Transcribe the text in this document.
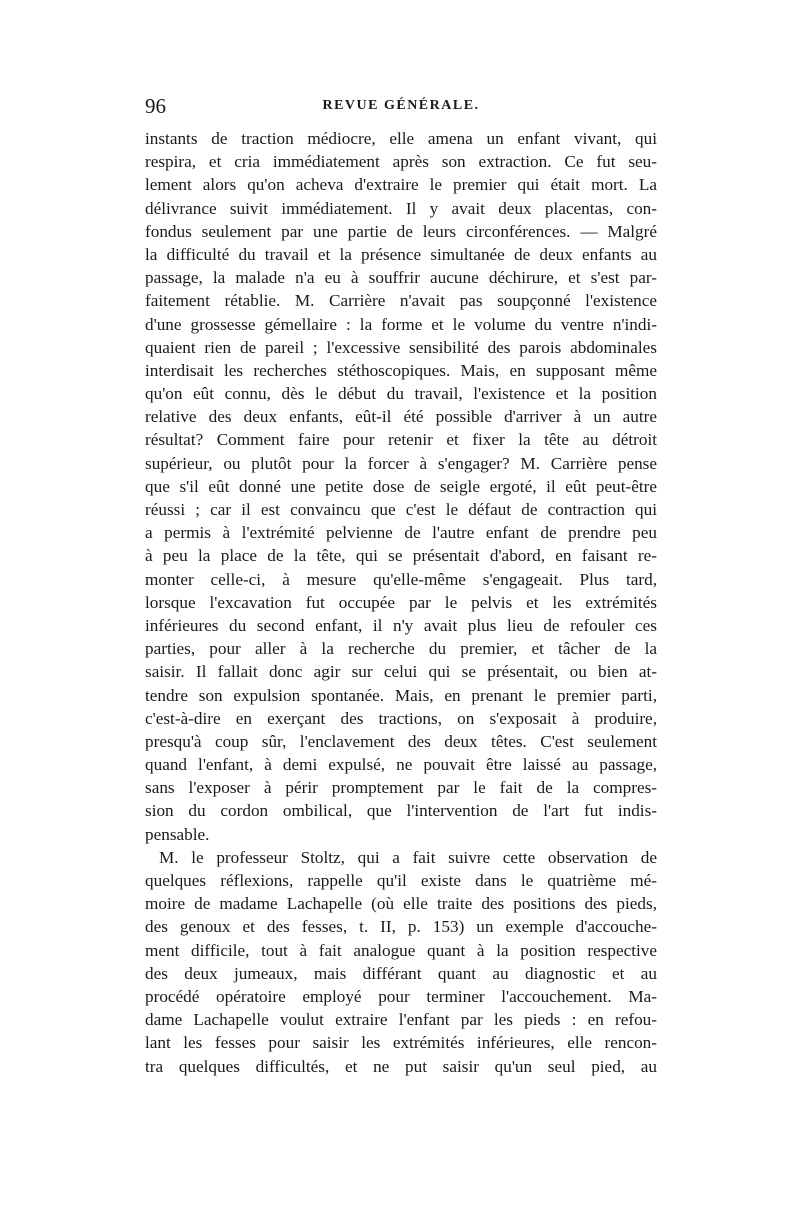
96	REVUE GÉNÉRALE.
instants de traction médiocre, elle amena un enfant vivant, qui
respira, et cria immédiatement après son extraction. Ce fut seu-
lement alors qu'on acheva d'extraire le premier qui était mort. La
délivrance suivit immédiatement. Il y avait deux placentas, con-
fondus seulement par une partie de leurs circonférences. — Malgré
la difficulté du travail et la présence simultanée de deux enfants au
passage, la malade n'a eu à souffrir aucune déchirure, et s'est par-
faitement rétablie. M. Carrière n'avait pas soupçonné l'existence
d'une grossesse gémellaire : la forme et le volume du ventre n'indi-
quaient rien de pareil ; l'excessive sensibilité des parois abdominales
interdisait les recherches stéthoscopiques. Mais, en supposant même
qu'on eût connu, dès le début du travail, l'existence et la position
relative des deux enfants, eût-il été possible d'arriver à un autre
résultat? Comment faire pour retenir et fixer la tête au détroit
supérieur, ou plutôt pour la forcer à s'engager? M. Carrière pense
que s'il eût donné une petite dose de seigle ergoté, il eût peut-être
réussi ; car il est convaincu que c'est le défaut de contraction qui
a permis à l'extrémité pelvienne de l'autre enfant de prendre peu
à peu la place de la tête, qui se présentait d'abord, en faisant re-
monter celle-ci, à mesure qu'elle-même s'engageait. Plus tard,
lorsque l'excavation fut occupée par le pelvis et les extrémités
inférieures du second enfant, il n'y avait plus lieu de refouler ces
parties, pour aller à la recherche du premier, et tâcher de la
saisir. Il fallait donc agir sur celui qui se présentait, ou bien at-
tendre son expulsion spontanée. Mais, en prenant le premier parti,
c'est-à-dire en exerçant des tractions, on s'exposait à produire,
presqu'à coup sûr, l'enclavement des deux têtes. C'est seulement
quand l'enfant, à demi expulsé, ne pouvait être laissé au passage,
sans l'exposer à périr promptement par le fait de la compres-
sion du cordon ombilical, que l'intervention de l'art fut indis-
pensable.
M. le professeur Stoltz, qui a fait suivre cette observation de
quelques réflexions, rappelle qu'il existe dans le quatrième mé-
moire de madame Lachapelle (où elle traite des positions des pieds,
des genoux et des fesses, t. II, p. 153) un exemple d'accouche-
ment difficile, tout à fait analogue quant à la position respective
des deux jumeaux, mais différant quant au diagnostic et au
procédé opératoire employé pour terminer l'accouchement. Ma-
dame Lachapelle voulut extraire l'enfant par les pieds : en refou-
lant les fesses pour saisir les extrémités inférieures, elle rencon-
tra quelques difficultés, et ne put saisir qu'un seul pied, au
